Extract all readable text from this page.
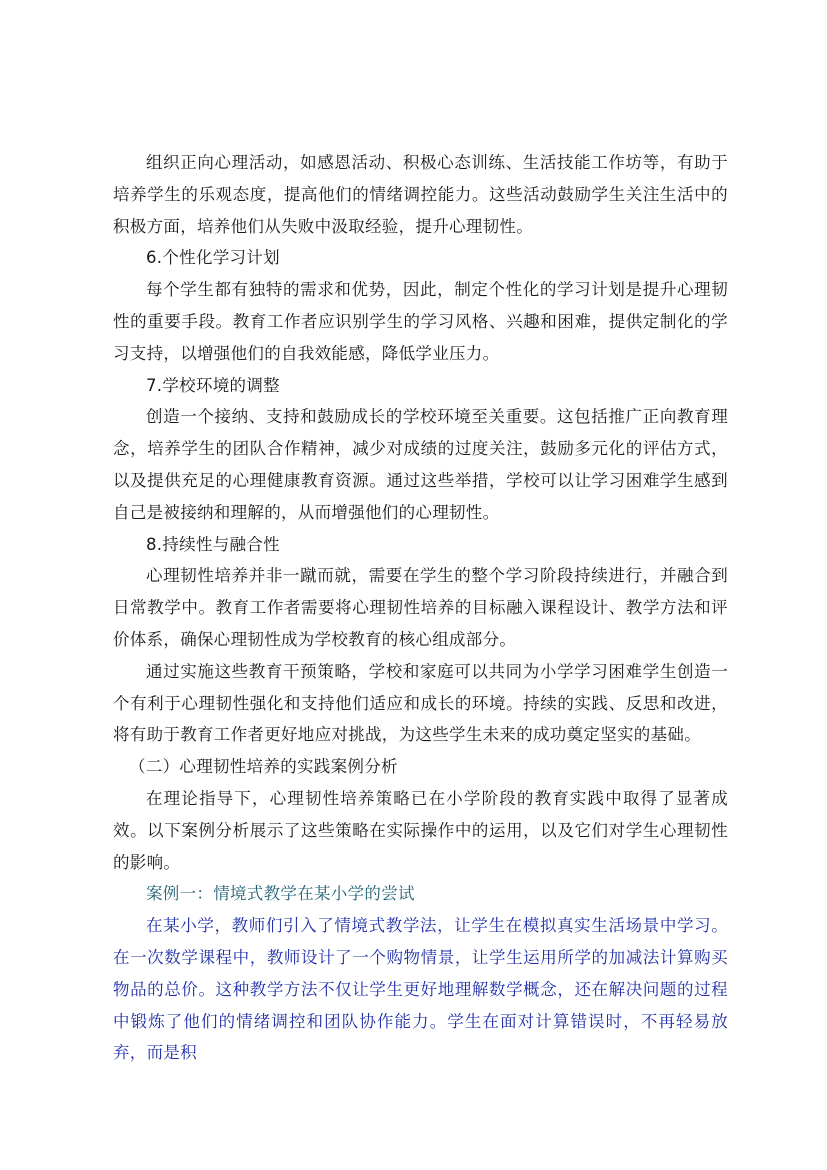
组织正向心理活动，如感恩活动、积极心态训练、生活技能工作坊等，有助于培养学生的乐观态度，提高他们的情绪调控能力。这些活动鼓励学生关注生活中的积极方面，培养他们从失败中汲取经验，提升心理韧性。

6.个性化学习计划

每个学生都有独特的需求和优势，因此，制定个性化的学习计划是提升心理韧性的重要手段。教育工作者应识别学生的学习风格、兴趣和困难，提供定制化的学习支持，以增强他们的自我效能感，降低学业压力。

7.学校环境的调整

创造一个接纳、支持和鼓励成长的学校环境至关重要。这包括推广正向教育理念，培养学生的团队合作精神，减少对成绩的过度关注，鼓励多元化的评估方式，以及提供充足的心理健康教育资源。通过这些举措，学校可以让学习困难学生感到自己是被接纳和理解的，从而增强他们的心理韧性。

8.持续性与融合性

心理韧性培养并非一蹴而就，需要在学生的整个学习阶段持续进行，并融合到日常教学中。教育工作者需要将心理韧性培养的目标融入课程设计、教学方法和评价体系，确保心理韧性成为学校教育的核心组成部分。

通过实施这些教育干预策略，学校和家庭可以共同为小学学习困难学生创造一个有利于心理韧性强化和支持他们适应和成长的环境。持续的实践、反思和改进，将有助于教育工作者更好地应对挑战，为这些学生未来的成功奠定坚实的基础。

（二）心理韧性培养的实践案例分析

在理论指导下，心理韧性培养策略已在小学阶段的教育实践中取得了显著成效。以下案例分析展示了这些策略在实际操作中的运用，以及它们对学生心理韧性的影响。

案例一：情境式教学在某小学的尝试

在某小学，教师们引入了情境式教学法，让学生在模拟真实生活场景中学习。在一次数学课程中，教师设计了一个购物情景，让学生运用所学的加减法计算购买物品的总价。这种教学方法不仅让学生更好地理解数学概念，还在解决问题的过程中锻炼了他们的情绪调控和团队协作能力。学生在面对计算错误时，不再轻易放弃，而是积
